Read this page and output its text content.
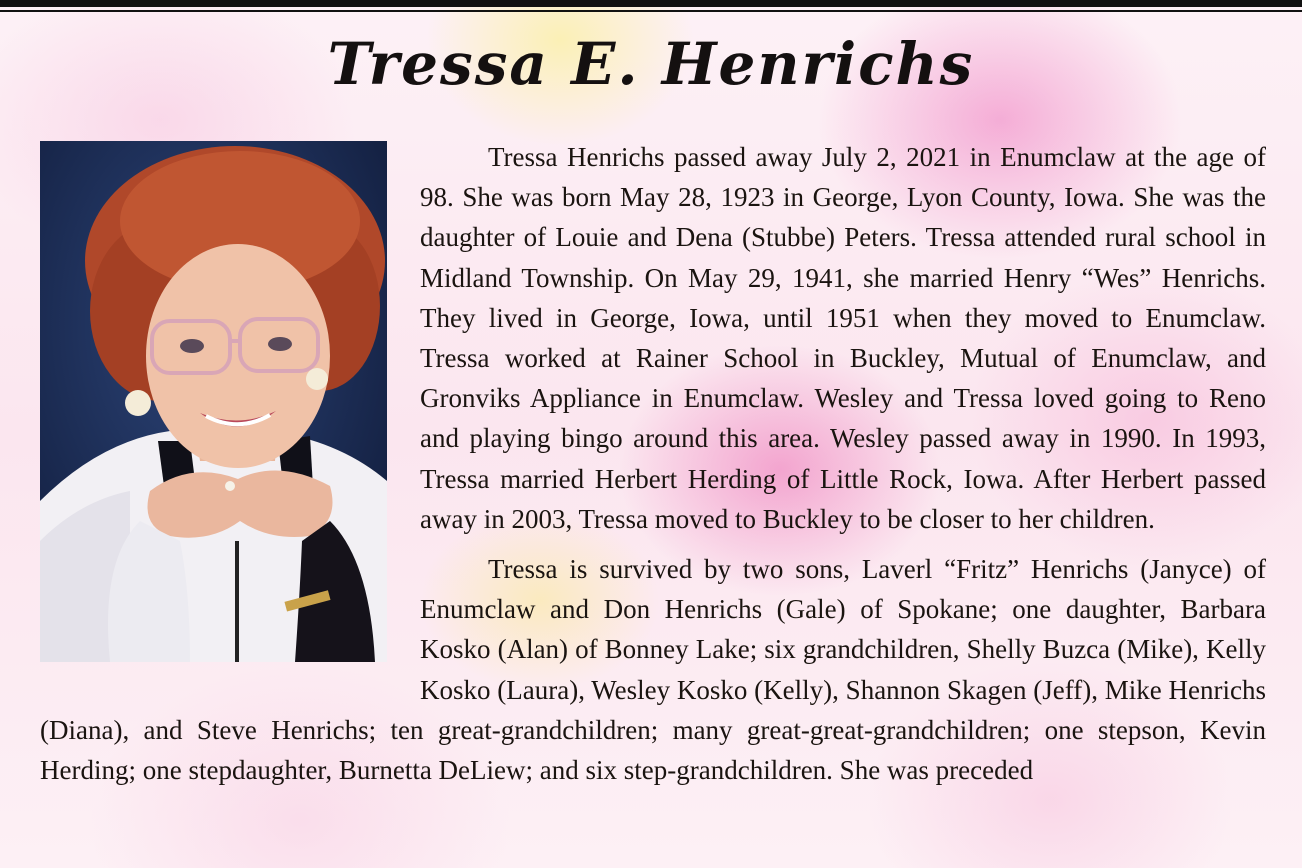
Tressa E. Henrichs

Tressa Henrichs passed away July 2, 2021 in Enumclaw at the age of 98. She was born May 28, 1923 in George, Lyon County, Iowa. She was the daughter of Louie and Dena (Stubbe) Peters. Tressa attended rural school in Midland Township. On May 29, 1941, she married Henry “Wes” Henrichs. They lived in George, Iowa, until 1951 when they moved to Enumclaw. Tressa worked at Rainer School in Buckley, Mutual of Enumclaw, and Gronviks Appliance in Enumclaw. Wesley and Tressa loved going to Reno and playing bingo around this area. Wesley passed away in 1990. In 1993, Tressa married Herbert Herding of Little Rock, Iowa. After Herbert passed away in 2003, Tressa moved to Buckley to be closer to her children.

Tressa is survived by two sons, Laverl “Fritz” Henrichs (Janyce) of Enumclaw and Don Henrichs (Gale) of Spokane; one daughter, Barbara Kosko (Alan) of Bonney Lake; six grandchildren, Shelly Buzca (Mike), Kelly Kosko (Laura), Wesley Kosko (Kelly), Shannon Skagen (Jeff), Mike Henrichs (Diana), and Steve Henrichs; ten great-grandchildren; many great-great-grandchildren; one stepson, Kevin Herding; one stepdaughter, Burnetta DeLiew; and six step-grandchildren. She was preceded
